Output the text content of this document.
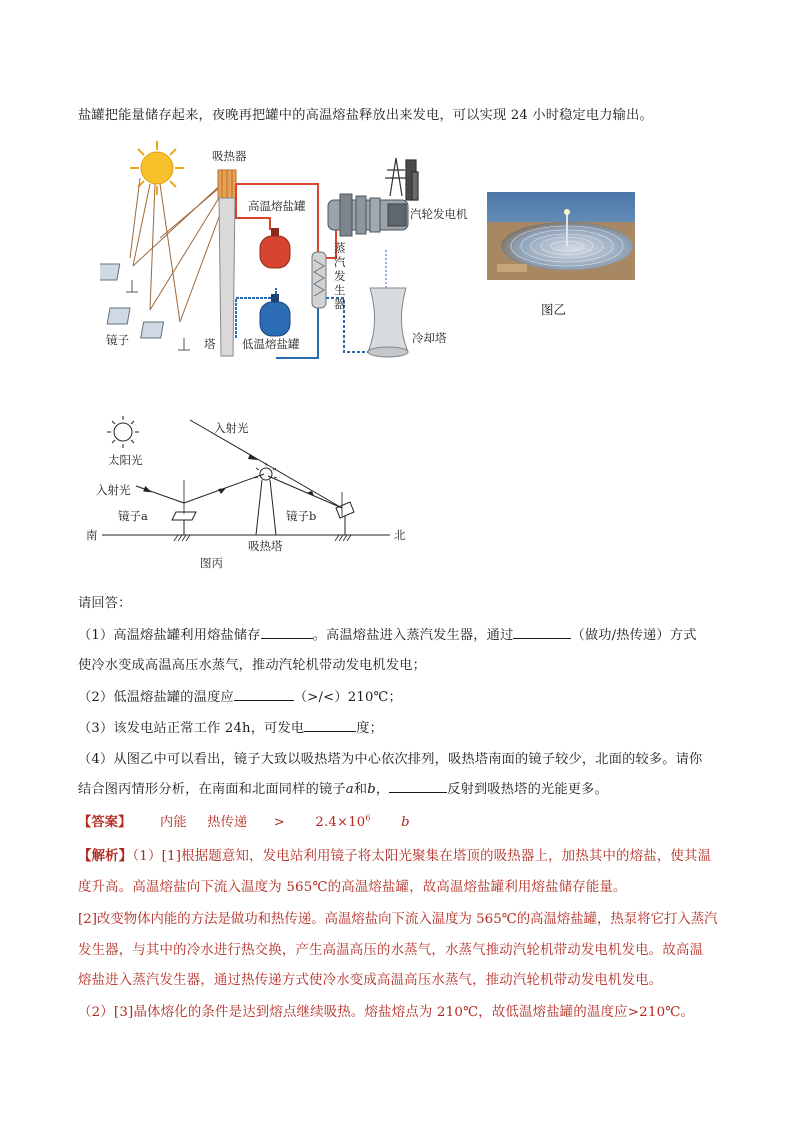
盐罐把能量储存起来，夜晚再把罐中的高温熔盐释放出来发电，可以实现 24 小时稳定电力输出。
吸热器
高温熔盐罐
汽轮发电机
蒸
汽
发
生
器
镜子	塔 低温熔盐罐	冷却塔
图乙
太阳光
入射光
入射光
镜子a	镜子b
南	北
吸热塔
图丙
请回答：
（1）高温熔盐罐利用熔盐储存	。高温熔盐进入蒸汽发生器，通过	（做功/热传递）方式
使冷水变成高温高压水蒸气，推动汽轮机带动发电机发电；
（2）低温熔盐罐的温度应	（>/<）210℃；
（3）该发电站正常工作 24h，可发电	度；
（4）从图乙中可以看出，镜子大致以吸热塔为中心依次排列，吸热塔南面的镜子较少，北面的较多。请你
结合图丙情形分析，在南面和北面同样的镜子a和b，	反射到吸热塔的光能更多。
【答案】 内能 热传递 > $2.4\times 10^6$ b
【解析】（1）[1]根据题意知，发电站利用镜子将太阳光聚集在塔顶的吸热器上，加热其中的熔盐，使其温
度升高。高温熔盐向下流入温度为 565℃的高温熔盐罐，故高温熔盐罐利用熔盐储存能量。
[2]改变物体内能的方法是做功和热传递。高温熔盐向下流入温度为 565℃的高温熔盐罐，热泵将它打入蒸汽
发生器，与其中的冷水进行热交换，产生高温高压的水蒸气，水蒸气推动汽轮机带动发电机发电。故高温
熔盐进入蒸汽发生器，通过热传递方式使冷水变成高温高压水蒸气，推动汽轮机带动发电机发电。
（2）[3]晶体熔化的条件是达到熔点继续吸热。熔盐熔点为 210℃，故低温熔盐罐的温度应>210℃。
